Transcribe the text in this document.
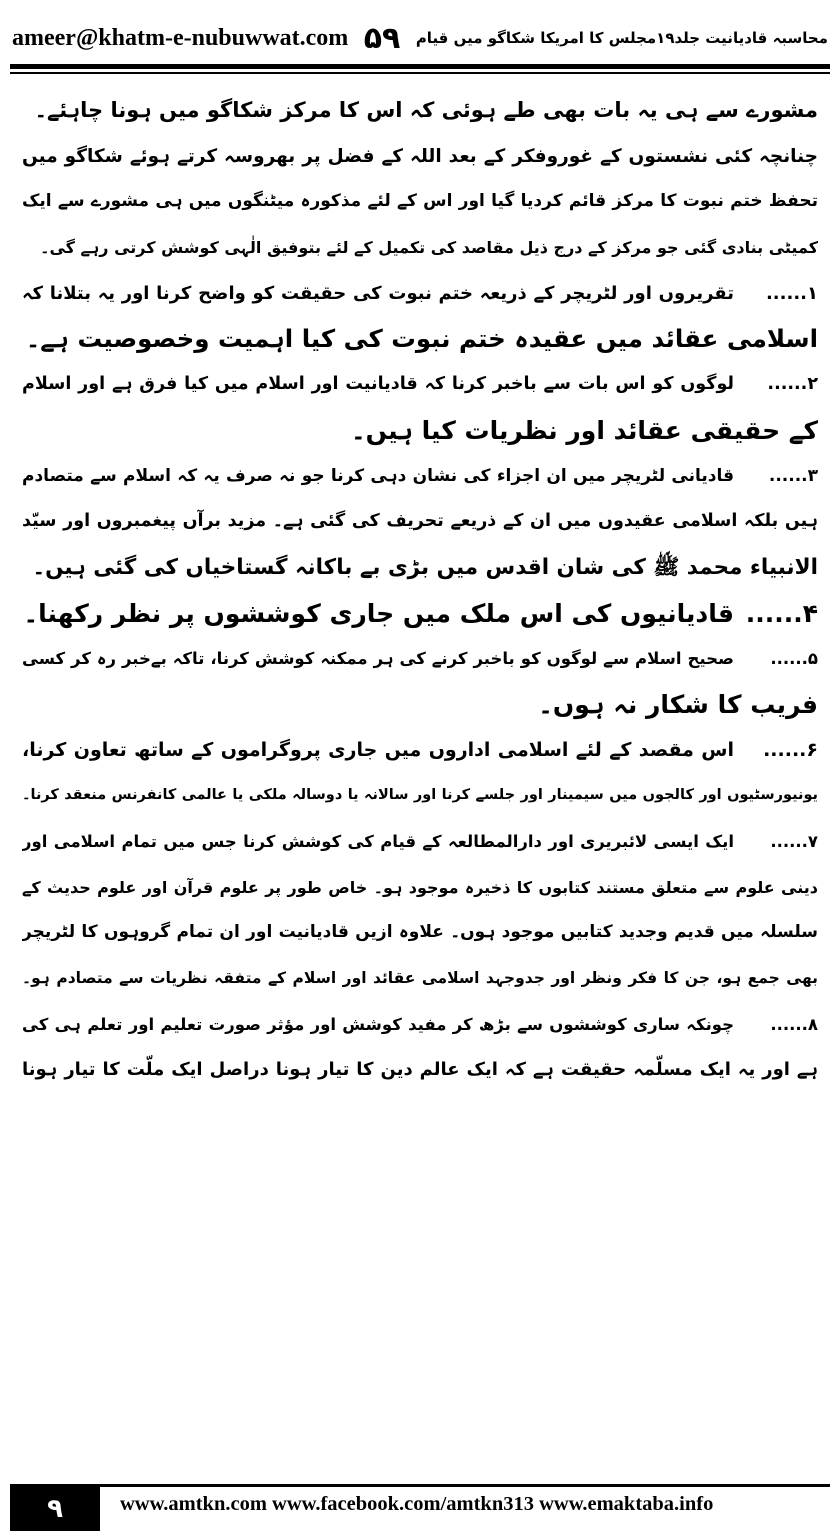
ameer@khatm-e-nubuwwat.com ۵۹ محاسبہ قادیانیت جلد۱۹مجلس کا امریکا شکاگو میں قیام
مشورے سے ہی یہ بات بھی طے ہوئی کہ اس کا مرکز شکاگو میں ہونا چاہئے۔
چنانچہ کئی نشستوں کے غوروفکر کے بعد اللہ کے فضل پر بھروسہ کرتے ہوئے شکاگو میں
تحفظ ختم نبوت کا مرکز قائم کردیا گیا اور اس کے لئے مذکورہ میٹنگوں میں ہی مشورے سے ایک
کمیٹی بنادی گئی جو مرکز کے درج ذیل مقاصد کی تکمیل کے لئے بتوفیق الٰہی کوشش کرتی رہے گی۔
۱......تقریروں اور لٹریچر کے ذریعہ ختم نبوت کی حقیقت کو واضح کرنا اور یہ بتلانا کہ
اسلامی عقائد میں عقیدہ ختم نبوت کی کیا اہمیت وخصوصیت ہے۔
۲......لوگوں کو اس بات سے باخبر کرنا کہ قادیانیت اور اسلام میں کیا فرق ہے اور اسلام
کے حقیقی عقائد اور نظریات کیا ہیں۔
۳......قادیانی لٹریچر میں ان اجزاء کی نشان دہی کرنا جو نہ صرف یہ کہ اسلام سے متصادم
ہیں بلکہ اسلامی عقیدوں میں ان کے ذریعے تحریف کی گئی ہے۔ مزید برآں پیغمبروں اور سیّد
الانبیاء محمد ﷺ کی شان اقدس میں بڑی بے باکانہ گستاخیاں کی گئی ہیں۔
۴......قادیانیوں کی اس ملک میں جاری کوششوں پر نظر رکھنا۔
۵......صحیح اسلام سے لوگوں کو باخبر کرنے کی ہر ممکنہ کوشش کرنا، تاکہ بےخبر رہ کر کسی
فریب کا شکار نہ ہوں۔
۶......اس مقصد کے لئے اسلامی اداروں میں جاری پروگراموں کے ساتھ تعاون کرنا،
یونیورسٹیوں اور کالجوں میں سیمینار اور جلسے کرنا اور سالانہ یا دوسالہ ملکی یا عالمی کانفرنس منعقد کرنا۔
۷......ایک ایسی لائبریری اور دارالمطالعہ کے قیام کی کوشش کرنا جس میں تمام اسلامی اور
دینی علوم سے متعلق مستند کتابوں کا ذخیرہ موجود ہو۔ خاص طور پر علوم قرآن اور علوم حدیث کے
سلسلہ میں قدیم وجدید کتابیں موجود ہوں۔ علاوہ ازیں قادیانیت اور ان تمام گروہوں کا لٹریچر
بھی جمع ہو، جن کا فکر ونظر اور جدوجہد اسلامی عقائد اور اسلام کے متفقہ نظریات سے متصادم ہو۔
۸......چونکہ ساری کوششوں سے بڑھ کر مفید کوشش اور مؤثر صورت تعلیم اور تعلم ہی کی
ہے اور یہ ایک مسلّمہ حقیقت ہے کہ ایک عالم دین کا تیار ہونا دراصل ایک ملّت کا تیار ہونا
۹	www.amtkn.com www.facebook.com/amtkn313 www.emaktaba.info
